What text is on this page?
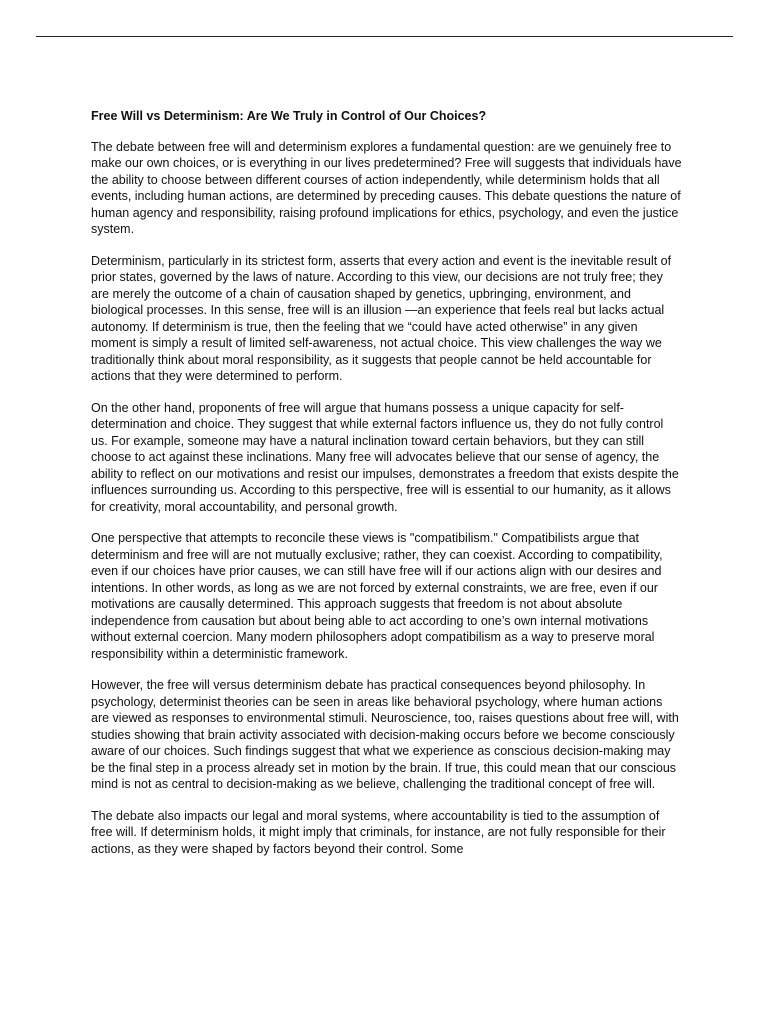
Free Will vs Determinism: Are We Truly in Control of Our Choices?

The debate between free will and determinism explores a fundamental question: are we genuinely free to make our own choices, or is everything in our lives predetermined? Free will suggests that individuals have the ability to choose between different courses of action independently, while determinism holds that all events, including human actions, are determined by preceding causes. This debate questions the nature of human agency and responsibility, raising profound implications for ethics, psychology, and even the justice system.

Determinism, particularly in its strictest form, asserts that every action and event is the inevitable result of prior states, governed by the laws of nature. According to this view, our decisions are not truly free; they are merely the outcome of a chain of causation shaped by genetics, upbringing, environment, and biological processes. In this sense, free will is an illusion —an experience that feels real but lacks actual autonomy. If determinism is true, then the feeling that we “could have acted otherwise” in any given moment is simply a result of limited self-awareness, not actual choice. This view challenges the way we traditionally think about moral responsibility, as it suggests that people cannot be held accountable for actions that they were determined to perform.

On the other hand, proponents of free will argue that humans possess a unique capacity for self-determination and choice. They suggest that while external factors influence us, they do not fully control us. For example, someone may have a natural inclination toward certain behaviors, but they can still choose to act against these inclinations. Many free will advocates believe that our sense of agency, the ability to reflect on our motivations and resist our impulses, demonstrates a freedom that exists despite the influences surrounding us. According to this perspective, free will is essential to our humanity, as it allows for creativity, moral accountability, and personal growth.

One perspective that attempts to reconcile these views is "compatibilism." Compatibilists argue that determinism and free will are not mutually exclusive; rather, they can coexist. According to compatibility, even if our choices have prior causes, we can still have free will if our actions align with our desires and intentions. In other words, as long as we are not forced by external constraints, we are free, even if our motivations are causally determined. This approach suggests that freedom is not about absolute independence from causation but about being able to act according to one’s own internal motivations without external coercion. Many modern philosophers adopt compatibilism as a way to preserve moral responsibility within a deterministic framework.

However, the free will versus determinism debate has practical consequences beyond philosophy. In psychology, determinist theories can be seen in areas like behavioral psychology, where human actions are viewed as responses to environmental stimuli. Neuroscience, too, raises questions about free will, with studies showing that brain activity associated with decision-making occurs before we become consciously aware of our choices. Such findings suggest that what we experience as conscious decision-making may be the final step in a process already set in motion by the brain. If true, this could mean that our conscious mind is not as central to decision-making as we believe, challenging the traditional concept of free will.

The debate also impacts our legal and moral systems, where accountability is tied to the assumption of free will. If determinism holds, it might imply that criminals, for instance, are not fully responsible for their actions, as they were shaped by factors beyond their control. Some
